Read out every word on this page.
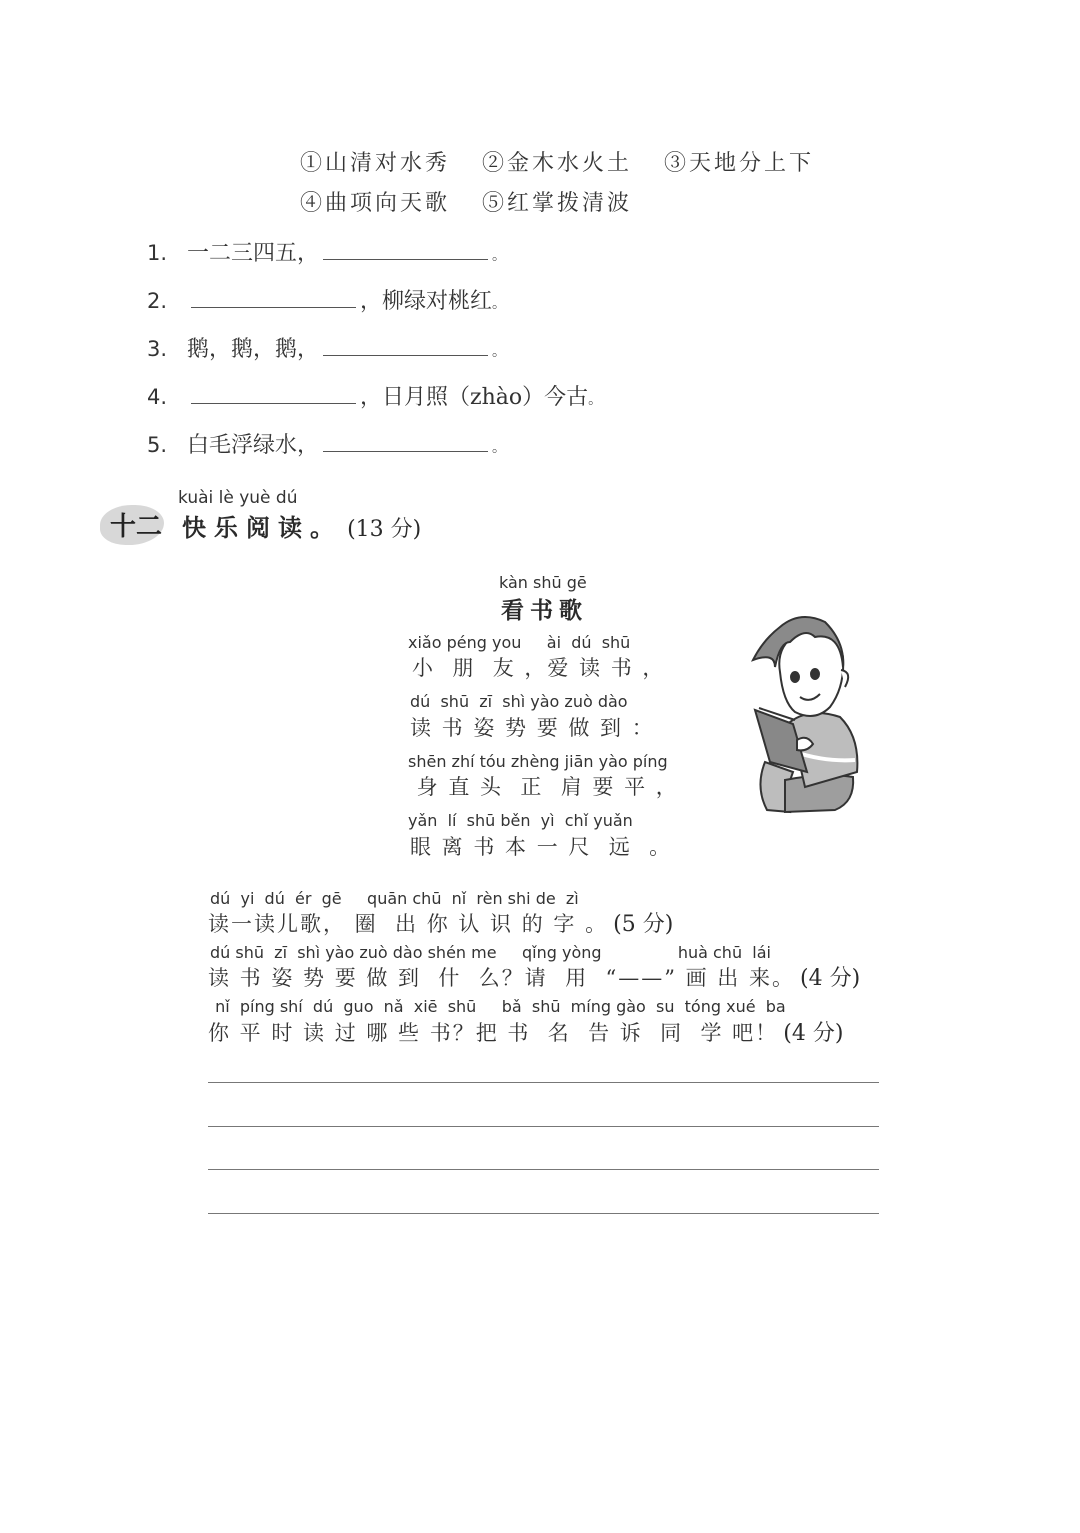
①山清对水秀 ②金木水火土 ③天地分上下
④曲项向天歌 ⑤红掌拨清波
1. 一二三四五，	。
2.	，柳绿对桃红 。
3. 鹅，鹅，鹅，	。
4.	，日月照（zhào）今古 。
5. 白毛浮绿水，	。
十二
kuài lè yuè dú
快乐阅读。 (13 分)
kàn shū gē
看书歌
xiǎo péng you     ài  dú  shū
小  朋  友 ，爱 读 书 ，
dú  shū  zī  shì yào zuò dào
读 书 姿 势 要 做 到 ：
shēn zhí tóu zhèng jiān yào píng
身 直 头  正  肩 要 平 ，
yǎn  lí  shū běn  yì  chǐ yuǎn
眼 离 书 本 一 尺  远  。
dú  yi  dú  ér  gē     quān chū  nǐ  rèn shi de  zì
读一读儿歌， 圈  出 你 认 识 的 字 。 (5 分)
dú shū  zī  shì yào zuò dào shén me     qǐng yòng               huà chū  lái
读 书 姿 势 要 做 到  什  么？请  用  “——” 画 出 来。 (4 分)
nǐ  píng shí  dú  guo  nǎ  xiē  shū     bǎ  shū  míng gào  su  tóng xué  ba
你 平 时 读 过 哪 些 书？把 书  名  告 诉  同  学 吧！ (4 分)
